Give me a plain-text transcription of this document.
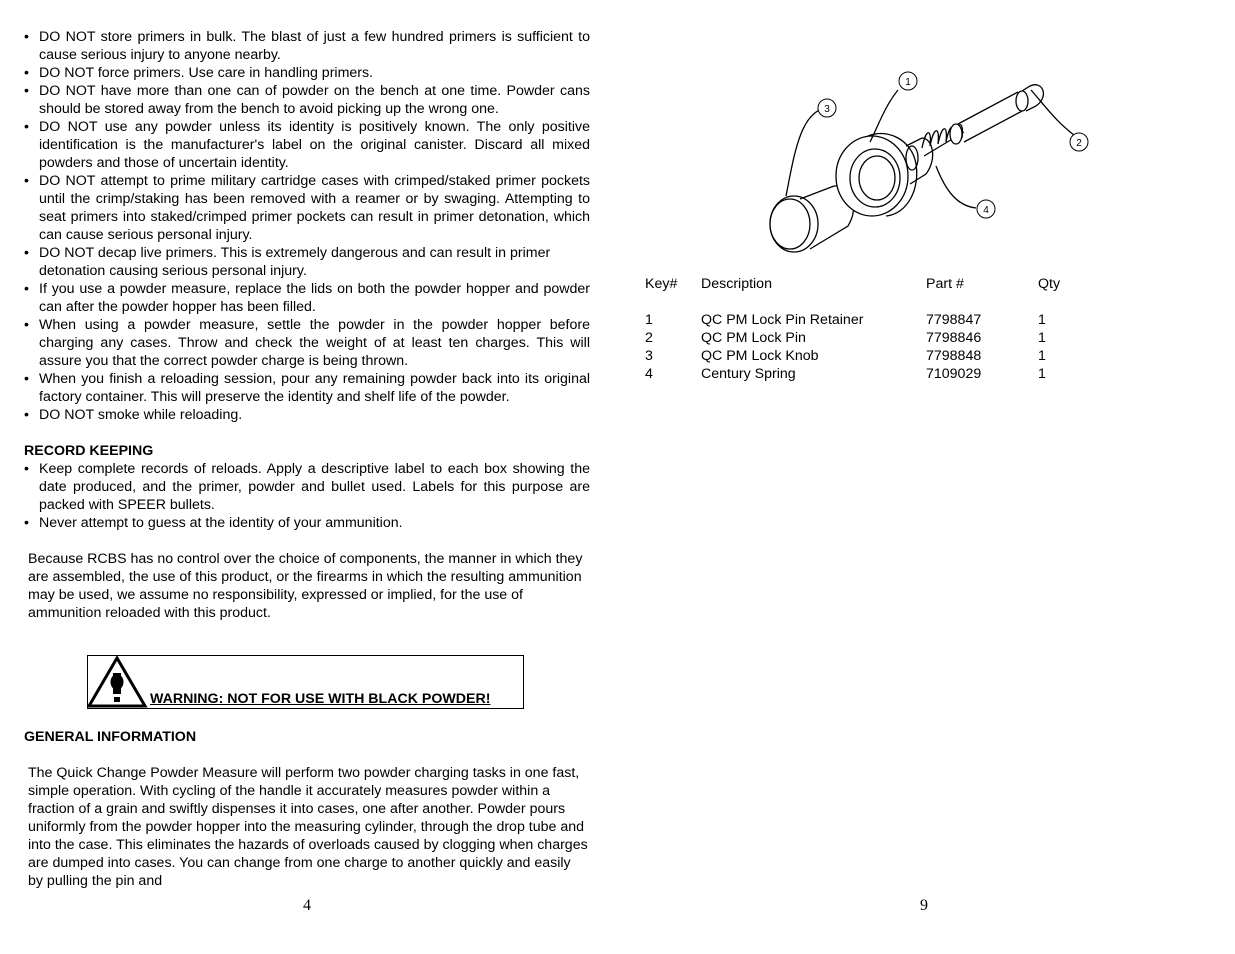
• DO NOT store primers in bulk. The blast of just a few hundred primers is sufficient to cause serious injury to anyone nearby.
• DO NOT force primers. Use care in handling primers.
• DO NOT have more than one can of powder on the bench at one time. Powder cans should be stored away from the bench to avoid picking up the wrong one.
• DO NOT use any powder unless its identity is positively known. The only positive identification is the manufacturer's label on the original canister. Discard all mixed powders and those of uncertain identity.
• DO NOT attempt to prime military cartridge cases with crimped/staked primer pockets until the crimp/staking has been removed with a reamer or by swaging. Attempting to seat primers into staked/crimped primer pockets can result in primer detonation, which can cause serious personal injury.
• DO NOT decap live primers. This is extremely dangerous and can result in primer detonation causing serious personal injury.
• If you use a powder measure, replace the lids on both the powder hopper and powder can after the powder hopper has been filled.
• When using a powder measure, settle the powder in the powder hopper before charging any cases. Throw and check the weight of at least ten charges. This will assure you that the correct powder charge is being thrown.
• When you finish a reloading session, pour any remaining powder back into its original factory container. This will preserve the identity and shelf life of the powder.
• DO NOT smoke while reloading.
RECORD KEEPING
• Keep complete records of reloads. Apply a descriptive label to each box showing the date produced, and the primer, powder and bullet used. Labels for this purpose are packed with SPEER bullets.
• Never attempt to guess at the identity of your ammunition.
Because RCBS has no control over the choice of components, the manner in which they are assembled, the use of this product, or the firearms in which the resulting ammunition may be used, we assume no responsibility, expressed or implied, for the use of ammunition reloaded with this product.
WARNING: NOT FOR USE WITH BLACK POWDER!
GENERAL INFORMATION
The Quick Change Powder Measure will perform two powder charging tasks in one fast, simple operation. With cycling of the handle it accurately measures powder within a fraction of a grain and swiftly dispenses it into cases, one after another. Powder pours uniformly from the powder hopper into the measuring cylinder, through the drop tube and into the case. This eliminates the hazards of overloads caused by clogging when charges are dumped into cases. You can change from one charge to another quickly and easily by pulling the pin and
4
1
2
3
4
Key# Description	Part #	Qty
1	QC PM Lock Pin Retainer	7798847	1
2	QC PM Lock Pin	7798846	1
3	QC PM Lock Knob	7798848	1
4	Century Spring	7109029	1
9
